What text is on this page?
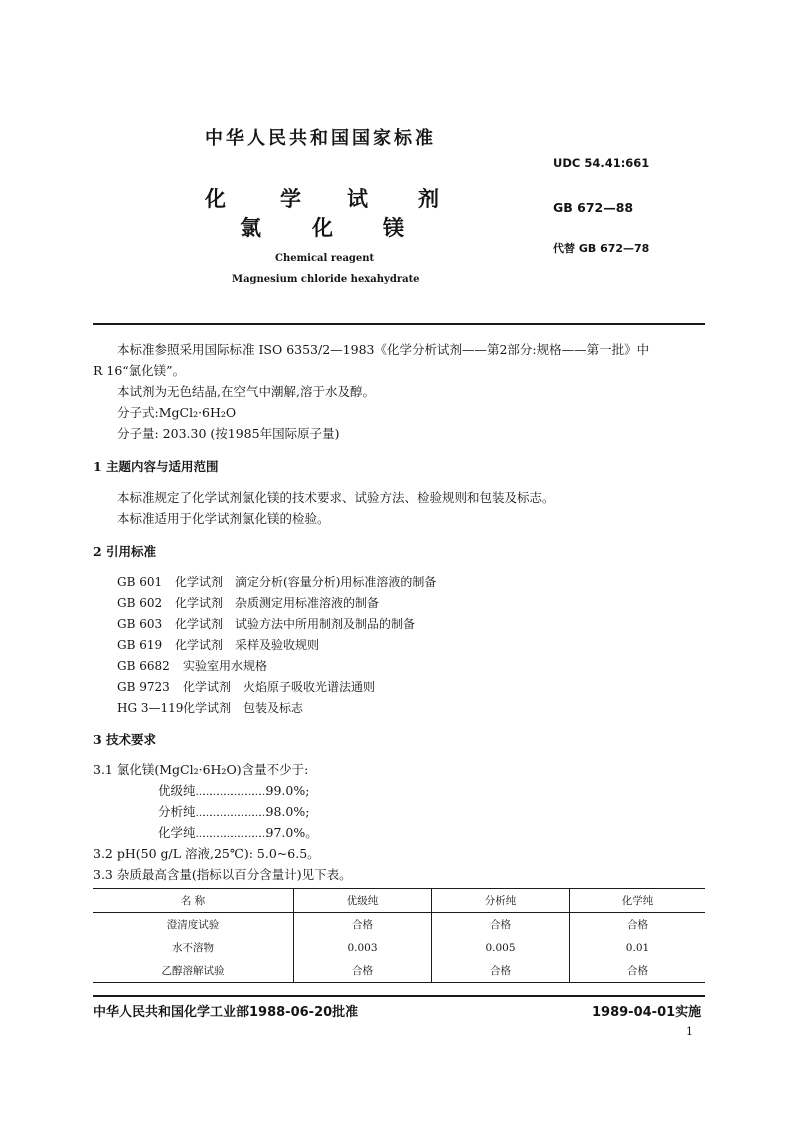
中华人民共和国国家标准
UDC 54.41:661
GB 672—88
代替 GB 672—78
化	学 试 剂
氯 化 镁
Chemical reagent
Magnesium chloride hexahydrate
本标准参照采用国际标准 ISO 6353/2—1983《化学分析试剂——第2部分:规格——第一批》中
R 16“氯化镁”。
本试剂为无色结晶,在空气中潮解,溶于水及醇。
分子式:MgCl₂·6H₂O
分子量: 203.30 (按1985年国际原子量)
1 主题内容与适用范围
本标准规定了化学试剂氯化镁的技术要求、试验方法、检验规则和包装及标志。
本标准适用于化学试剂氯化镁的检验。
2 引用标准
GB 601 化学试剂 滴定分析(容量分析)用标准溶液的制备
GB 602 化学试剂 杂质测定用标准溶液的制备
GB 603 化学试剂 试验方法中所用制剂及制品的制备
GB 619 化学试剂 采样及验收规则
GB 6682 实验室用水规格
GB 9723 化学试剂 火焰原子吸收光谱法通则
HG 3—119化学试剂 包装及标志
3 技术要求
3.1 氯化镁(MgCl₂·6H₂O)含量不少于:
优级纯…………………………99.0%;
分析纯…………………………98.0%;
化学纯…………………………97.0%。
3.2 pH(50 g/L 溶液,25℃): 5.0~6.5。
3.3 杂质最高含量(指标以百分含量计)见下表。
名 称	优级纯	分析纯	化学纯
澄清度试验	合格	合格	合格
水不溶物	0.003	0.005	0.01
乙醇溶解试验	合格	合格	合格
中华人民共和国化学工业部1988-06-20批准	1989-04-01实施
1
